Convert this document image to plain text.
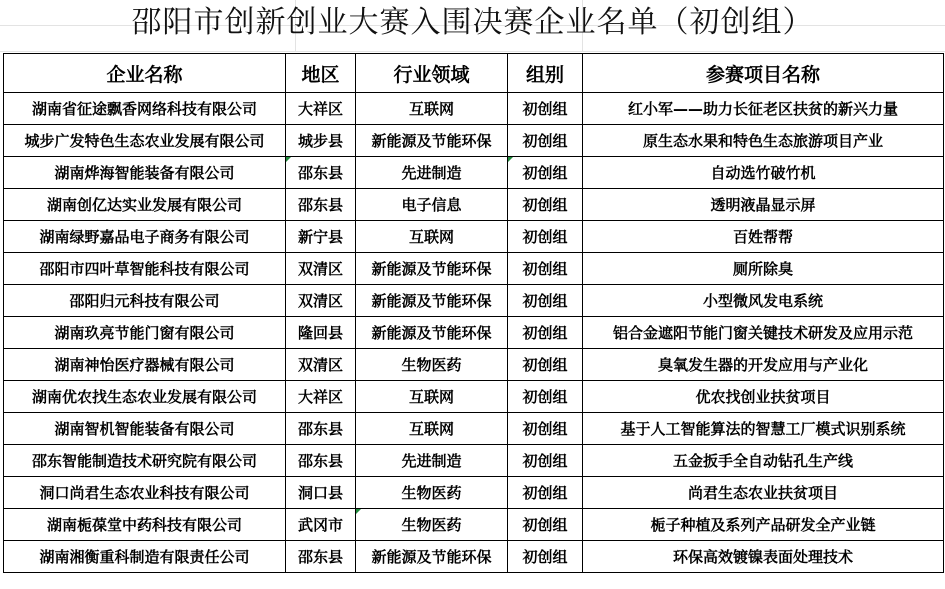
邵阳市创新创业大赛入围决赛企业名单（初创组）
企业名称	地区	行业领域	组别	参赛项目名称
湖南省征途飘香网络科技有限公司	大祥区	互联网	初创组	红小军——助力长征老区扶贫的新兴力量
城步广发特色生态农业发展有限公司	城步县	新能源及节能环保	初创组	原生态水果和特色生态旅游项目产业
湖南烨海智能装备有限公司	邵东县	先进制造	初创组	自动选竹破竹机
湖南创亿达实业发展有限公司	邵东县	电子信息	初创组	透明液晶显示屏
湖南绿野嘉品电子商务有限公司	新宁县	互联网	初创组	百姓帮帮
邵阳市四叶草智能科技有限公司	双清区	新能源及节能环保	初创组	厕所除臭
邵阳归元科技有限公司	双清区	新能源及节能环保	初创组	小型微风发电系统
湖南玖亮节能门窗有限公司	隆回县	新能源及节能环保	初创组	铝合金遮阳节能门窗关键技术研发及应用示范
湖南神怡医疗器械有限公司	双清区	生物医药	初创组	臭氧发生器的开发应用与产业化
湖南优农找生态农业发展有限公司	大祥区	互联网	初创组	优农找创业扶贫项目
湖南智机智能装备有限公司	邵东县	互联网	初创组	基于人工智能算法的智慧工厂模式识别系统
邵东智能制造技术研究院有限公司	邵东县	先进制造	初创组	五金扳手全自动钻孔生产线
洞口尚君生态农业科技有限公司	洞口县	生物医药	初创组	尚君生态农业扶贫项目
湖南栀葆堂中药科技有限公司	武冈市	生物医药	初创组	栀子种植及系列产品研发全产业链
湖南湘衡重科制造有限责任公司	邵东县	新能源及节能环保	初创组	环保高效镀镍表面处理技术
